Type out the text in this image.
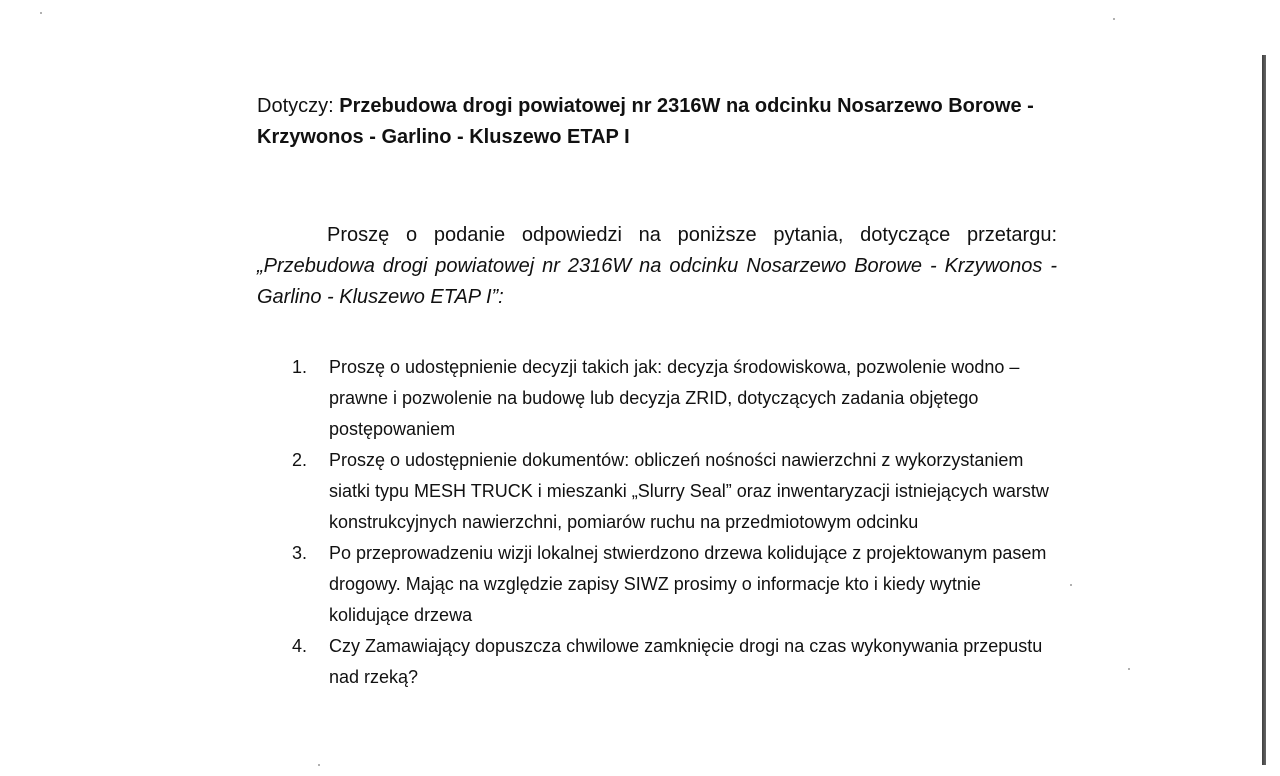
Dotyczy: Przebudowa drogi powiatowej nr 2316W na odcinku Nosarzewo Borowe - Krzywonos - Garlino - Kluszewo ETAP I
Proszę o podanie odpowiedzi na poniższe pytania, dotyczące przetargu: „Przebudowa drogi powiatowej nr 2316W na odcinku Nosarzewo Borowe - Krzywonos - Garlino - Kluszewo ETAP I”:
1. Proszę o udostępnienie decyzji takich jak: decyzja środowiskowa, pozwolenie wodno – prawne i pozwolenie na budowę lub decyzja ZRID, dotyczących zadania objętego postępowaniem
2. Proszę o udostępnienie dokumentów: obliczeń nośności nawierzchni z wykorzystaniem siatki typu MESH TRUCK i mieszanki „Slurry Seal” oraz inwentaryzacji istniejących warstw konstrukcyjnych nawierzchni, pomiarów ruchu na przedmiotowym odcinku
3. Po przeprowadzeniu wizji lokalnej stwierdzono drzewa kolidujące z projektowanym pasem drogowy. Mając na względzie zapisy SIWZ prosimy o informacje kto i kiedy wytnie kolidujące drzewa
4. Czy Zamawiający dopuszcza chwilowe zamknięcie drogi na czas wykonywania przepustu nad rzeką?
